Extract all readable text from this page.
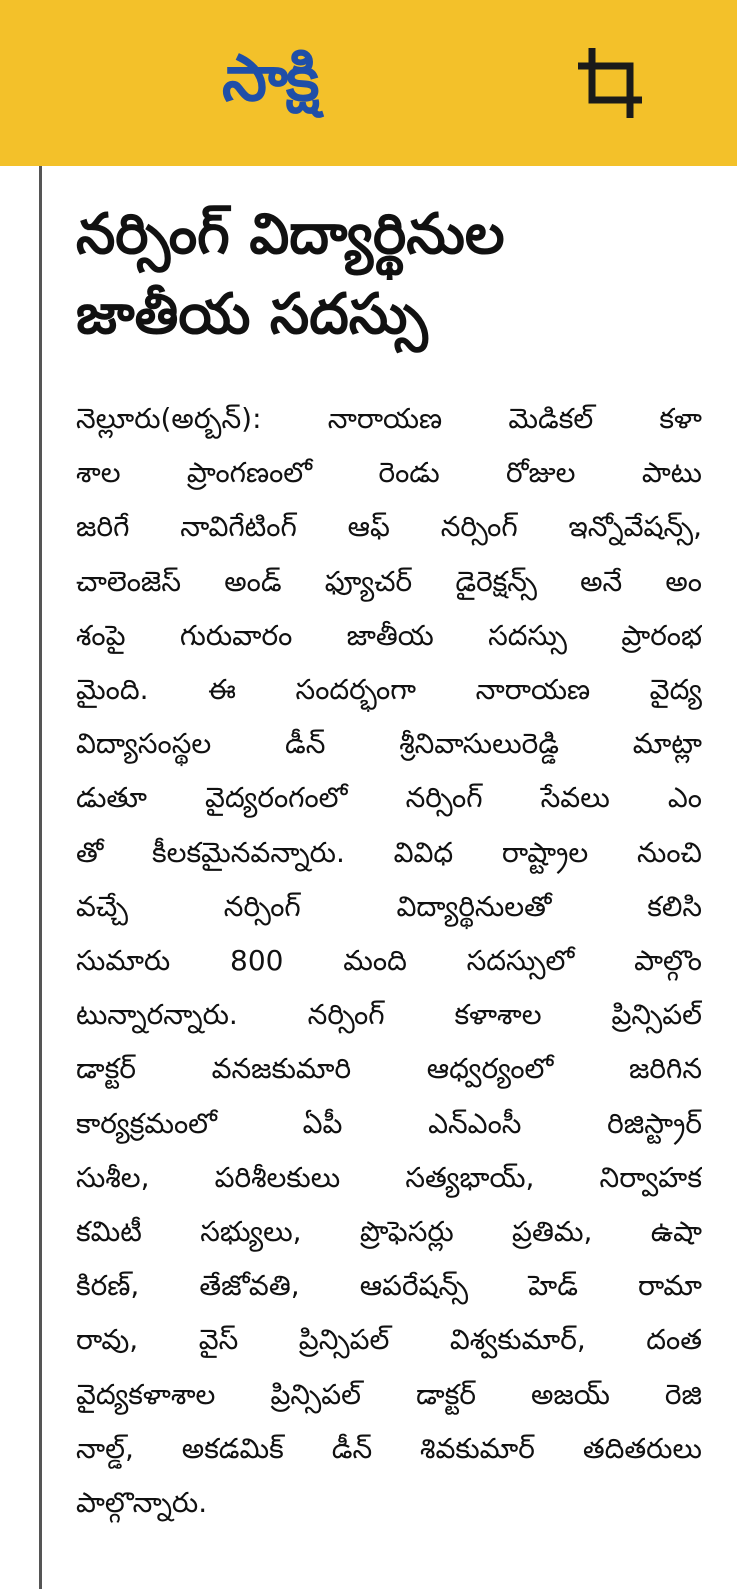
సాక్షి
నర్సింగ్ విద్యార్థినుల
జాతీయ సదస్సు
నెల్లూరు(అర్బన్): నారాయణ మెడికల్ కళా
శాల ప్రాంగణంలో రెండు రోజుల పాటు
జరిగే నావిగేటింగ్ ఆఫ్ నర్సింగ్ ఇన్నోవేషన్స్,
చాలెంజెస్ అండ్ ఫ్యూచర్ డైరెక్షన్స్ అనే అం
శంపై గురువారం జాతీయ సదస్సు ప్రారంభ
మైంది. ఈ సందర్భంగా నారాయణ వైద్య
విద్యాసంస్థల డీన్ శ్రీనివాసులురెడ్డి మాట్లా
డుతూ వైద్యరంగంలో నర్సింగ్ సేవలు ఎం
తో కీలకమైనవన్నారు. వివిధ రాష్ట్రాల నుంచి
వచ్చే నర్సింగ్ విద్యార్థినులతో కలిసి
సుమారు 800 మంది సదస్సులో పాల్గొం
టున్నారన్నారు. నర్సింగ్ కళాశాల ప్రిన్సిపల్
డాక్టర్ వనజకుమారి ఆధ్వర్యంలో జరిగిన
కార్యక్రమంలో ఏపీ ఎన్ఎంసీ రిజిస్ట్రార్
సుశీల, పరిశీలకులు సత్యభాయ్, నిర్వాహక
కమిటీ సభ్యులు, ప్రొఫెసర్లు ప్రతిమ, ఉషా
కిరణ్, తేజోవతి, ఆపరేషన్స్ హెడ్ రామా
రావు, వైస్ ప్రిన్సిపల్ విశ్వకుమార్, దంత
వైద్యకళాశాల ప్రిన్సిపల్ డాక్టర్ అజయ్ రెజి
నాల్డ్, అకడమిక్ డీన్ శివకుమార్ తదితరులు
పాల్గొన్నారు.
